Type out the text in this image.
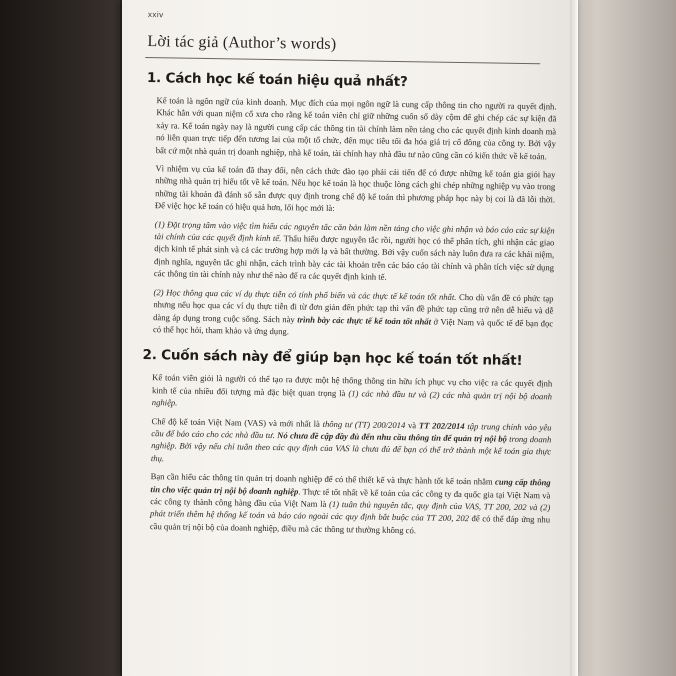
xxiv
Lời tác giả (Author’s words)
1. Cách học kế toán hiệu quả nhất?

Kế toán là ngôn ngữ của kinh doanh. Mục đích của mọi ngôn ngữ là cung cấp thông tin cho người ra quyết định. Khác hẳn với quan niệm cổ xưa cho rằng kế toán viên chỉ giữ những cuốn sổ dày cộm để ghi chép các sự kiện đã xảy ra. Kế toán ngày nay là người cung cấp các thông tin tài chính làm nền tảng cho các quyết định kinh doanh mà nó liên quan trực tiếp đến tương lai của một tổ chức, đến mục tiêu tối đa hóa giá trị cổ đông của công ty. Bởi vậy bất cứ một nhà quản trị doanh nghiệp, nhà kế toán, tài chính hay nhà đầu tư nào cũng cần có kiến thức về kế toán.

Vì nhiệm vụ của kế toán đã thay đổi, nên cách thức đào tạo phải cải tiến để có được những kế toán gia giỏi hay những nhà quản trị hiểu tốt về kế toán. Nếu học kế toán là học thuộc lòng cách ghi chép những nghiệp vụ vào trong những tài khoản đã đánh số sẵn được quy định trong chế độ kế toán thì phương pháp học này bị coi là đã lỗi thời. Để việc học kế toán có hiệu quả hơn, lối học mới là:

(1) Đặt trọng tâm vào việc tìm hiểu các nguyên tắc căn bản làm nền tảng cho việc ghi nhận và báo cáo các sự kiện tài chính của các quyết định kinh tế. Thấu hiểu được nguyên tắc rồi, người học có thể phân tích, ghi nhận các giao dịch kinh tế phát sinh và cả các trường hợp mới lạ và bất thường. Bởi vậy cuốn sách này luôn đưa ra các khái niệm, định nghĩa, nguyên tắc ghi nhận, cách trình bày các tài khoản trên các báo cáo tài chính và phân tích việc sử dụng các thông tin tài chính này như thế nào để ra các quyết định kinh tế.

(2) Học thông qua các ví dụ thực tiễn có tính phổ biến và các thực tế kế toán tốt nhất. Cho dù vấn đề có phức tạp nhưng nếu học qua các ví dụ thực tiễn đi từ đơn giản đến phức tạp thì vấn đề phức tạp cũng trở nên dễ hiểu và dễ dàng áp dụng trong cuộc sống. Sách này trình bày các thực tế kế toán tốt nhất ở Việt Nam và quốc tế để bạn đọc có thể học hỏi, tham khảo và ứng dụng.

2. Cuốn sách này để giúp bạn học kế toán tốt nhất!

Kế toán viên giỏi là người có thể tạo ra được một hệ thống thông tin hữu ích phục vụ cho việc ra các quyết định kinh tế của nhiều đối tượng mà đặc biệt quan trọng là (1) các nhà đầu tư và (2) các nhà quản trị nội bộ doanh nghiệp.

Chế độ kế toán Việt Nam (VAS) và mới nhất là thông tư (TT) 200/2014 và TT 202/2014 tập trung chính vào yêu cầu để báo cáo cho các nhà đầu tư. Nó chưa đề cập đầy đủ đến nhu cầu thông tin để quản trị nội bộ trong doanh nghiệp. Bởi vậy nếu chỉ tuân theo các quy định của VAS là chưa đủ để bạn có thể trở thành một kế toán gia thực thụ.

Bạn cần hiểu các thông tin quản trị doanh nghiệp để có thể thiết kế và thực hành tốt kế toán nhằm cung cấp thông tin cho việc quản trị nội bộ doanh nghiệp. Thực tế tốt nhất về kế toán của các công ty đa quốc gia tại Việt Nam và các công ty thành công hàng đầu của Việt Nam là (1) tuân thủ nguyên tắc, quy định của VAS, TT 200, 202 và (2) phát triển thêm hệ thống kế toán và báo cáo ngoài các quy định bắt buộc của TT 200, 202 để có thể đáp ứng nhu cầu quản trị nội bộ của doanh nghiệp, điều mà các thông tư thường không có.
